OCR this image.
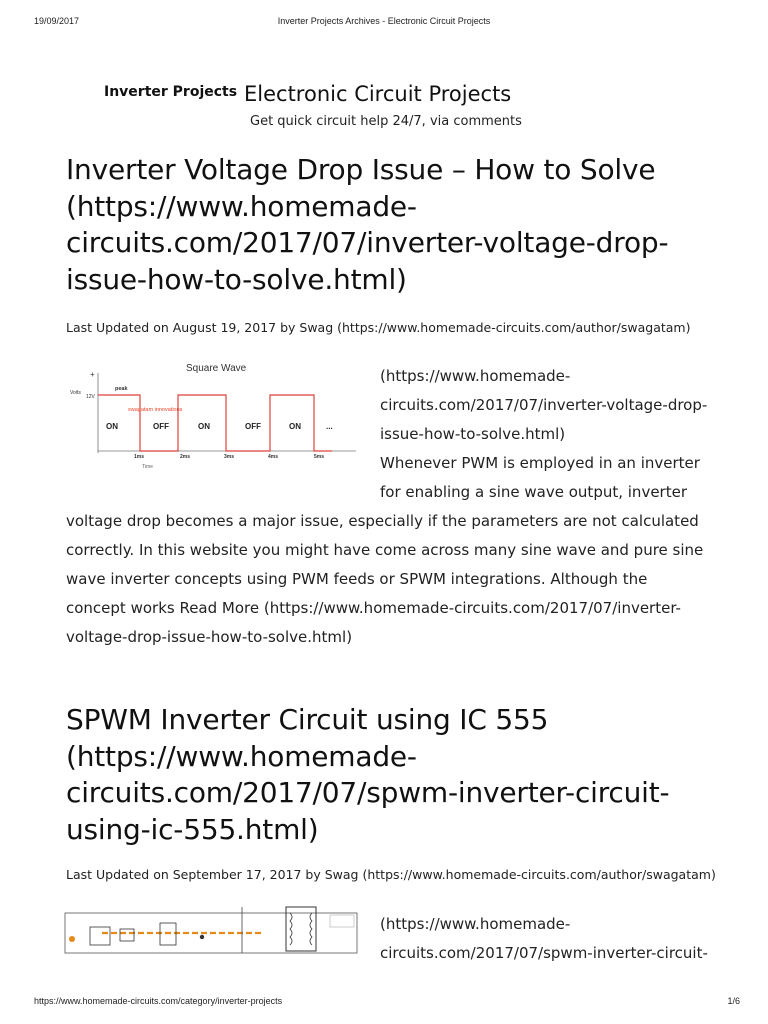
19/09/2017	Inverter Projects Archives - Electronic Circuit Projects
Inverter Projects Electronic Circuit Projects
Get quick circuit help 24/7, via comments
Inverter Voltage Drop Issue – How to Solve
(https://www.homemade-
circuits.com/2017/07/inverter-voltage-drop-
issue-how-to-solve.html)
Last Updated on August 19, 2017 by Swag (https://www.homemade-circuits.com/author/swagatam)
Square Wave
+
Volts
12V
peak
swagatam innovations
ON	OFF	ON	OFF	ON	...
1ms	2ms	3ms	4ms	5ms
Time
(https://www.homemade-
circuits.com/2017/07/inverter-voltage-drop-
issue-how-to-solve.html)
Whenever PWM is employed in an inverter
for enabling a sine wave output, inverter
voltage drop becomes a major issue, especially if the parameters are not calculated
correctly. In this website you might have come across many sine wave and pure sine
wave inverter concepts using PWM feeds or SPWM integrations. Although the
concept works Read More (https://www.homemade-circuits.com/2017/07/inverter-
voltage-drop-issue-how-to-solve.html)
SPWM Inverter Circuit using IC 555
(https://www.homemade-
circuits.com/2017/07/spwm-inverter-circuit-
using-ic-555.html)
Last Updated on September 17, 2017 by Swag (https://www.homemade-circuits.com/author/swagatam)
(https://www.homemade-
circuits.com/2017/07/spwm-inverter-circuit-
https://www.homemade-circuits.com/category/inverter-projects	1/6
